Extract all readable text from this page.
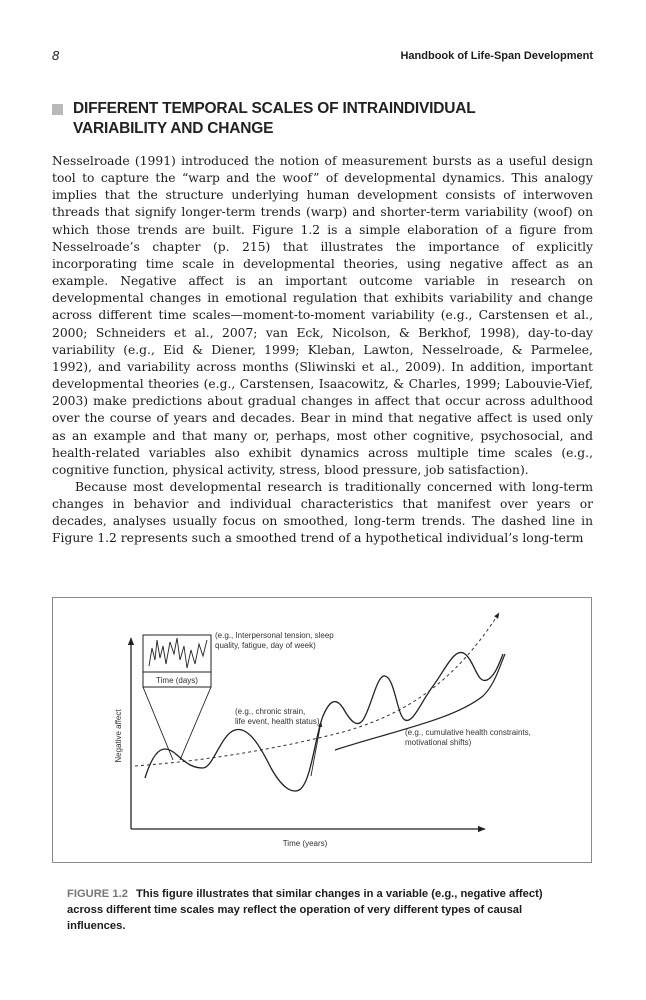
8	Handbook of Life-Span Development
DIFFERENT TEMPORAL SCALES OF INTRAINDIVIDUAL VARIABILITY AND CHANGE

Nesselroade (1991) introduced the notion of measurement bursts as a useful design tool to capture the “warp and the woof” of developmental dynamics. This analogy implies that the structure underlying human development consists of interwoven threads that signify longer-term trends (warp) and shorter-term variability (woof) on which those trends are built. Figure 1.2 is a simple elaboration of a figure from Nesselroade’s chapter (p. 215) that illustrates the importance of explicitly incorporating time scale in developmental theories, using negative affect as an example. Negative affect is an important outcome variable in research on developmental changes in emotional regulation that exhibits variability and change across different time scales—moment-to-moment variability (e.g., Carstensen et al., 2000; Schneiders et al., 2007; van Eck, Nicolson, & Berkhof, 1998), day-to-day variability (e.g., Eid & Diener, 1999; Kleban, Lawton, Nesselroade, & Parmelee, 1992), and variability across months (Sliwinski et al., 2009). In addition, important developmental theories (e.g., Carstensen, Isaacowitz, & Charles, 1999; Labouvie-Vief, 2003) make predictions about gradual changes in affect that occur across adulthood over the course of years and decades. Bear in mind that negative affect is used only as an example and that many or, perhaps, most other cognitive, psychosocial, and health-related variables also exhibit dynamics across multiple time scales (e.g., cognitive function, physical activity, stress, blood pressure, job satisfaction).

Because most developmental research is traditionally concerned with long-term changes in behavior and individual characteristics that manifest over years or decades, analyses usually focus on smoothed, long-term trends. The dashed line in Figure 1.2 represents such a smoothed trend of a hypothetical individual’s long-term

Negative affect
Time (years)
Time (days)
(e.g., Interpersonal tension, sleep
quality, fatigue, day of week)
(e.g., chronic strain,
life event, health status)
(e.g., cumulative health constraints,
motivational shifts)
FIGURE 1.2 This figure illustrates that similar changes in a variable (e.g., negative affect) across different time scales may reflect the operation of very different types of causal influences.
